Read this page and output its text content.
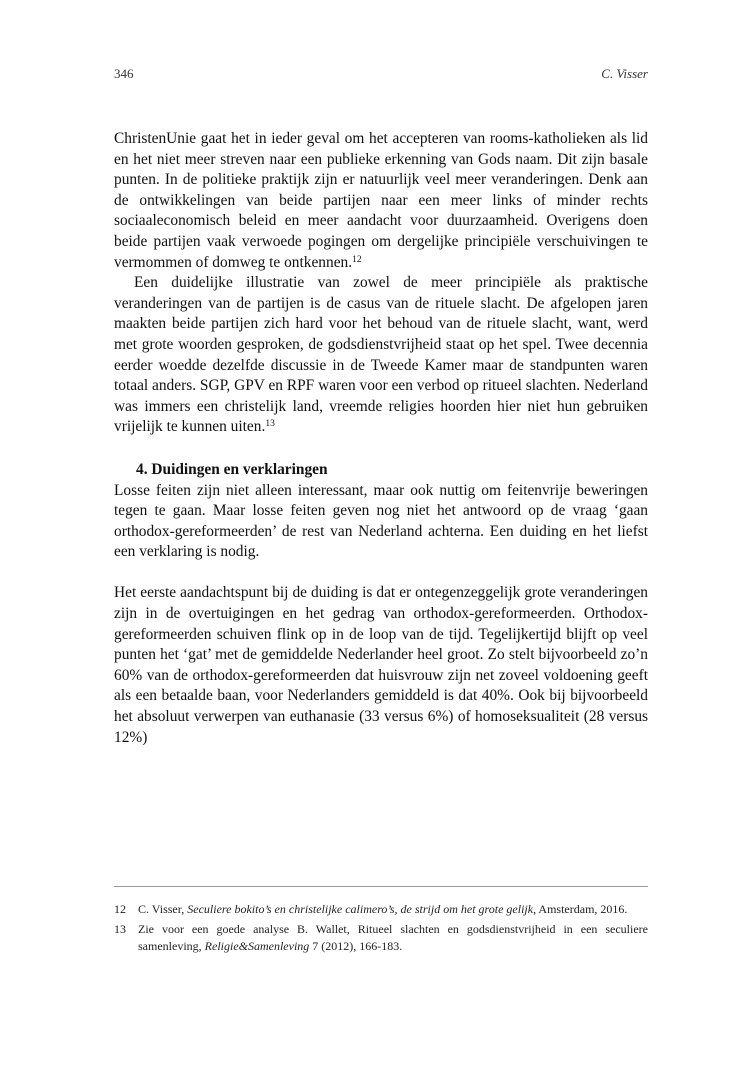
346	C. Visser

ChristenUnie gaat het in ieder geval om het accepteren van rooms-katholieken als lid en het niet meer streven naar een publieke erkenning van Gods naam. Dit zijn basale punten. In de politieke praktijk zijn er natuurlijk veel meer veranderingen. Denk aan de ontwikkelingen van beide partijen naar een meer links of minder rechts sociaaleconomisch beleid en meer aandacht voor duurzaamheid. Overigens doen beide partijen vaak verwoede pogingen om dergelijke principiële verschuivingen te vermommen of domweg te ontkennen.$^{12}$

Een duidelijke illustratie van zowel de meer principiële als praktische veranderingen van de partijen is de casus van de rituele slacht. De afgelopen jaren maakten beide partijen zich hard voor het behoud van de rituele slacht, want, werd met grote woorden gesproken, de godsdienstvrijheid staat op het spel. Twee decennia eerder woedde dezelfde discussie in de Tweede Kamer maar de standpunten waren totaal anders. SGP, GPV en RPF waren voor een verbod op ritueel slachten. Nederland was immers een christelijk land, vreemde religies hoorden hier niet hun gebruiken vrijelijk te kunnen uiten.$^{13}$

4. Duidingen en verklaringen

Losse feiten zijn niet alleen interessant, maar ook nuttig om feitenvrije beweringen tegen te gaan. Maar losse feiten geven nog niet het antwoord op de vraag ‘gaan orthodox-gereformeerden’ de rest van Nederland achterna. Een duiding en het liefst een verklaring is nodig.

Het eerste aandachtspunt bij de duiding is dat er ontegenzeggelijk grote veranderingen zijn in de overtuigingen en het gedrag van orthodox-gereformeerden. Orthodox-gereformeerden schuiven flink op in de loop van de tijd. Tegelijkertijd blijft op veel punten het ‘gat’ met de gemiddelde Nederlander heel groot. Zo stelt bijvoorbeeld zo’n 60% van de orthodox-gereformeerden dat huisvrouw zijn net zoveel voldoening geeft als een betaalde baan, voor Nederlanders gemiddeld is dat 40%. Ook bij bijvoorbeeld het absoluut verwerpen van euthanasie (33 versus 6%) of homoseksualiteit (28 versus 12%)

12 C. Visser, Seculiere bokito’s en christelijke calimero’s, de strijd om het grote gelijk, Amsterdam, 2016.
13 Zie voor een goede analyse B. Wallet, Ritueel slachten en godsdienstvrijheid in een seculiere samenleving, Religie&Samenleving 7 (2012), 166-183.
